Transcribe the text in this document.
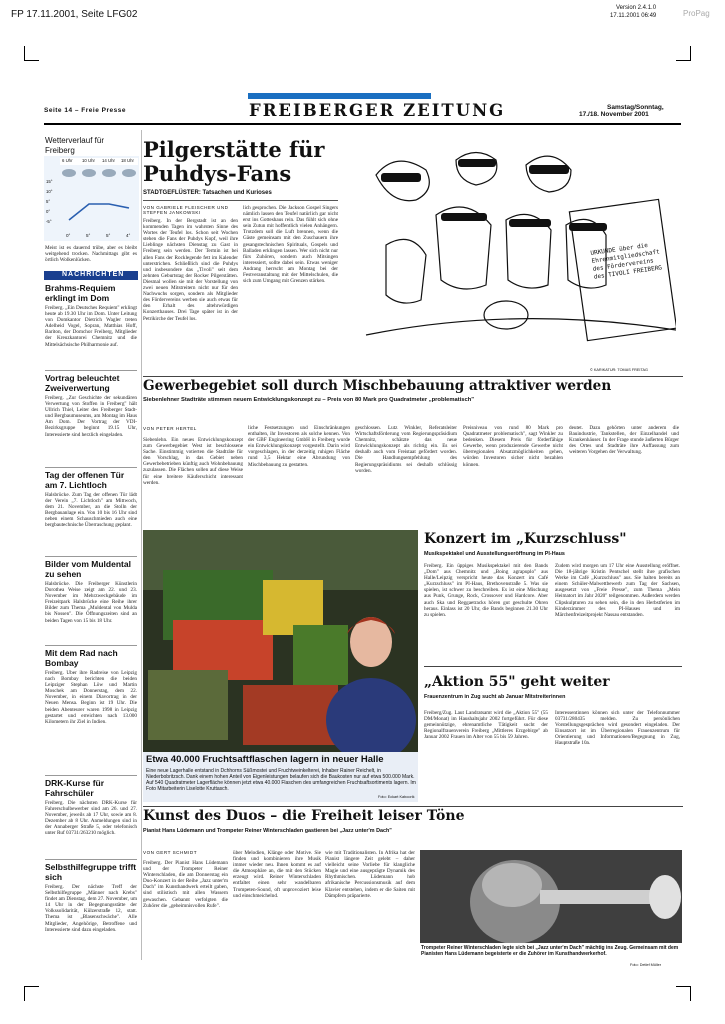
FP 17.11.2001, Seite LFG02
Version 2.4.1.0
17.11.2001 06:49	ProPag
Seite 14 – Freie Presse	FREIBERGER ZEITUNG	Samstag/Sonntag,
17./18. November 2001
Wetterverlauf für Freiberg
6 Uhr 10 Uhr 14 Uhr 18 Uhr
15°
10°
5°
0°
-5°
0°	5°	5°	4°
Meist ist es dauernd trübe, aber es bleibt weitgehend trocken. Nachmittags gibt es örtlich Wolkenlücken.
NACHRICHTEN
Brahms-Requiem erklingt im Dom
Freiberg. „Ein Deutsches Requiem" erklingt heute ab 19.30 Uhr im Dom. Unter Leitung von Domkantor Dietrich Wagler treten Adelheid Vogel, Sopran, Matthias Hoff, Bariton, der Domchor Freiberg, Mitglieder der Kreuzkantorei Chemnitz und die Mittelsächsische Philharmonie auf.
Vortrag beleuchtet Zweiverwertung
Freiberg. „Zur Geschichte der sekundären Verwertung von Stoffen in Freiberg" hält Ullrich Thiel, Leiter des Freiberger Stadt- und Bergbaumuseums, am Montag im Haus Am Dom. Der Vortrag der VDI-Bezirksgruppe beginnt 19.15 Uhr, Interessierte sind herzlich eingeladen.
Tag der offenen Tür am 7. Lichtloch
Halsbrücke. Zum Tag der offenen Tür lädt der Verein „7. Lichtloch" am Mittwoch, dem 21. November, an die Stolln der Bergbauanlage ein. Von 10 bis 16 Uhr sind neben einem Schauschmieden auch eine bergbautechnische Überraschung geplant.
Bilder vom Muldental zu sehen
Halsbrücke. Die Freiberger Künstlerin Dorothea Weise zeigt am 22. und 23. November im Mehrzweckgebäude im Freizeitpark Halsbrücke eine Reihe ihrer Bilder zum Thema „Muldental von Mulda bis Nossen". Die Öffnungszeiten sind an beiden Tagen von 15 bis 18 Uhr.
Mit dem Rad nach Bombay
Freiberg. Über ihre Radreise von Leipzig nach Bombay berichten die beiden Leipziger Stephan Löw und Martin Moschek am Donnerstag, dem 22. November, in einem Diavortrag in der Neuen Mensa. Beginn ist 19 Uhr. Die beiden Abenteurer waren 1998 in Leipzig gestartet und erreichten nach 13.000 Kilometern ihr Ziel in Indien.
DRK-Kurse für Fahrschüler
Freiberg. Die nächsten DRK-Kurse für Fahrerschulbewerber sind am 26. und 27. November, jeweils ab 17 Uhr, sowie am 8. Dezember ab 8 Uhr. Anmeldungen sind in der Annaberger Straße 5, oder telefonisch unter Ruf 03731/263210 möglich.
Selbsthilfegruppe trifft sich
Freiberg. Der nächste Treff der Selbsthilfegruppe „Männer nach Krebs" findet am Dienstag, dem 27. November, um 14 Uhr in der Begegnungsstätte der Volkssolidarität, Külzerstraße 12, statt. Thema ist „Blasenschwäche". Alle Mitglieder, Angehörige, Betroffene und Interessierte sind dazu eingeladen.
Pilgerstätte für
Puhdys-Fans
STADTGEFLÜSTER: Tatsachen und Kurioses
VON GABRIELE FLEISCHER UND STEFFEN JANKOWSKI
Freiberg. In der Bergstadt ist an den kommenden Tagen im wahrsten Sinne des Wortes der Teufel los. Schon seit Wochen stehen die Fans der Puhdys Kopf, weil ihre Lieblinge nächsten Dienstag zu Gast in Freiberg sein werden. Der Termin ist bei allen Fans der Rocklegende fett im Kalender unterstrichen. Schließlich sind die Puhdys und insbesondere das „Tivoli" seit dem zehnten Geburtstag der Rocker Pilgerstätten. Diesmal wollen sie mit der Vorstellung von zwei neuen Mitstreitern nicht nur für den Nachwuchs sorgen, sondern als Mitglieder des Fördervereins werben sie auch etwas für den Erhalt des altehrwürdigen Konzerthauses. Drei Tage später ist in der Petrikirche der Teufel los.
lich gesprochen. Die Jackson Gospel Singers nämlich lassen den Teufel natürlich gar nicht erst ins Gotteshaus rein. Das fühlt sich ohne sein Zutun mit hoffentlich vielen Anhängern. Trotzdem soll die Luft brennen, wenn die Gäste gemeinsam mit den Zuschauern ihre gesangstechnischen Spirituals, Gospels und Balladen erklingen lassen. Wer sich nicht nur fürs Zuhören, sondern auch Mitsingen interessiert, sollte dabei sein. Etwas weniger Andrang herrscht am Montag bei der Festveranstaltung mit der Mittelschulen, die sich zum Umgang mit Grenzen stärken.
URKUNDE über die Ehrenmitgliedschaft des Fördervereins des TIVOLI FREIBERG
© KARIKATUR: TOMAS FREITAG
Gewerbegebiet soll durch Mischbebauung attraktiver werden
Siebenlehner Stadträte stimmen neuem Entwicklungskonzept zu – Preis von 80 Mark pro Quadratmeter „problematisch"
VON PETER HERTEL
Siebenlehn. Ein neues Entwicklungskonzept zum Gewerbegebiet West ist beschlossene Sache. Einstimmig votierten die Stadträte für den Vorschlag, in das Gebiet neben Gewerbebetrieben künftig auch Wohnbebauung zuzulassen. Die Flächen sollen auf diese Weise für eine breitere Käuferschicht interessant werden.
liche Festsetzungen und Einschränkungen enthalten, ihr Investoren als solche kennen. Von der GBF Engineering GmbH in Freiberg wurde ein Entwicklungskonzept vorgestellt. Darin wird vorgeschlagen, in der derzeitig ruhigen Fläche rund 3,5 Hektar eine Abrundung von Mischbebauung zu gestatten.
geschlossen. Lutz Winkler, Referatsleiter Wirtschaftsförderung vom Regierungspräsidium Chemnitz, schätzte das neue Entwicklungskonzept als richtig ein. Es sei deshalb auch vom Freistaat gefördert worden. Die Handlungsempfehlung des Regierungspräsidiums sei deshalb schlüssig worden.
Preisniveau von rund 80 Mark pro Quadratmeter problematisch", sagt Winkler zu bedenken. Diesem Preis für förderfähige Gewerbe, wenn produzierende Gewerbe nicht überregionalen Absatzmöglichkeiten gehen, würden Investoren sicher nicht bezahlen können.
deutet. Dazu gehörten unter anderem die Bauindustrie, Tankstellen, der Einzelhandel und Krankenhäuser. In der Frage stunde äußerten Bürger des Ortes und Stadträte ihre Auffassung zum weiteren Vorgehen der Verwaltung.
Etwa 40.000 Fruchtsaftflaschen lagern in neuer Halle
Eine neue Lagerhalle entstand in Dchhorns Süßmostei und Fruchtweinkelterei, Inhaber Rainer Reichelt, in Niederbobritzsch. Dank einem hohen Anteil von Eigenleistungen belaufen sich die Baukosten nur auf etwa 500.000 Mark. Auf 540 Quadratmeter Lagerfläche können jetzt etwa 40.000 Flaschen des umfangreichen Fruchtsaftsortiments lagern. Im Foto Mitarbeiterin Liselotte Kruttasch.
Foto: Eckart Kaboorik
Konzert im „Kurzschluss"
Musikspektakel und Ausstellungseröffnung im PI-Haus
Freiberg. Ein üppiges Musikspektakel mit den Bands „Dom" aus Chemnitz und „Boing agrapuplo" aus Halle/Leipzig verspricht heute das Konzert im Café „Kurzschluss" im PI-Haus, Brethovenstraße 5. Was sie spielen, ist schwer zu beschreiben. Es ist eine Mischung aus Punk, Grunge, Rock, Crossover und Hardcore. Aber auch Ska und Reggaetracks hören gut geschulte Ohren heraus. Einlass ist 20 Uhr, die Bands beginnen 21.30 Uhr zu spielen.
Zudem wird morgen um 17 Uhr eine Ausstellung eröffnet. Die 18-jährige Kristin Pentschel stellt ihre grafischen Werke im Café „Kurzschluss" aus. Sie halten bereits an einem Schüler-Malwettbewerb zum Tag der Sachsen, ausgesetzt von „Freie Presse", zum Thema „Mein Heimatort im Jahr 2020" teilgenommen. Außerdem werden Clipskulpturen zu sehen sein, die in den Herbstferien im Kinderzimmer des PI-Hauses und im Märchenfreizeitprojekt Nassau entstanden.
„Aktion 55" geht weiter
Frauenzentrum in Zug sucht ab Januar Mitstreiterinnen
Freiberg/Zug. Laut Landratsamt wird die „Aktion 55" (55 DM/Monat) im Haushaltsjahr 2002 fortgeführt. Für diese gemeinnützige, ehrenamtliche Tätigkeit sucht der Regionalfrauenverein Freiberg „Mittleres Erzgebirge" ab Januar 2002 Frauen im Alter von 55 bis 59 Jahren.
Interessentinnen können sich unter der Telefonnummer 03731/280435 melden. Zu persönlichen Vorstellungsgesprächen wird gesondert eingeladen. Der Einsatzort ist im Überregionalen Frauenzentrum für Orientierung und Informationen/Begegnung in Zug, Hauptstraße 10a.
Kunst des Duos – die Freiheit leiser Töne
Pianist Hans Lüdemann und Trompeter Reiner Winterschladen gastieren bei „Jazz unter'm Dach"
VON GERT SCHMIDT
Freiberg. Der Pianist Hans Lüdemann und der Trompeter Reiner Winterschladen, die am Donnerstag ein Duo-Konzert in der Reihe „Jazz unter'm Dach" im Kunsthandwerk erteilt gaben, sind stilistisch mit allen Wassern gewaschen. Gebannt verfolgten die Zuhörer die „geheimnisvollen Rufe".
über Melodien, Klänge oder Motive. Sie finden und kombinieren ihre Musik immer wieder neu. Ihnen kommt es auf die Atmosphäre an, die mit den Stücken erzeugt wird. Reiner Winterschladen entfaltet einen sehr wandelbaren Trompeten-Sound, oft unprovoziert leise und einschmeichelnd.
wie mit Traditionalisten. In Afrika hat der Pianist längere Zeit gelebt – daher vielleicht seine Vorliebe für klangliche Magie und eine ausgeprägte Dynamik des Rhythmischen. Lüdemann hob afrikanische Percussionsmusik auf dem Klavier entstehen, indem er die Saiten mit Dämpfern präparierte.
Trompeter Reiner Winterschladen legte sich bei „Jazz unter'm Dach" mächtig ins Zeug. Gemeinsam mit dem Pianisten Hans Lüdemann begeisterte er die Zuhörer im Kunsthandwerkerhof.
Foto: Detlef Müller
